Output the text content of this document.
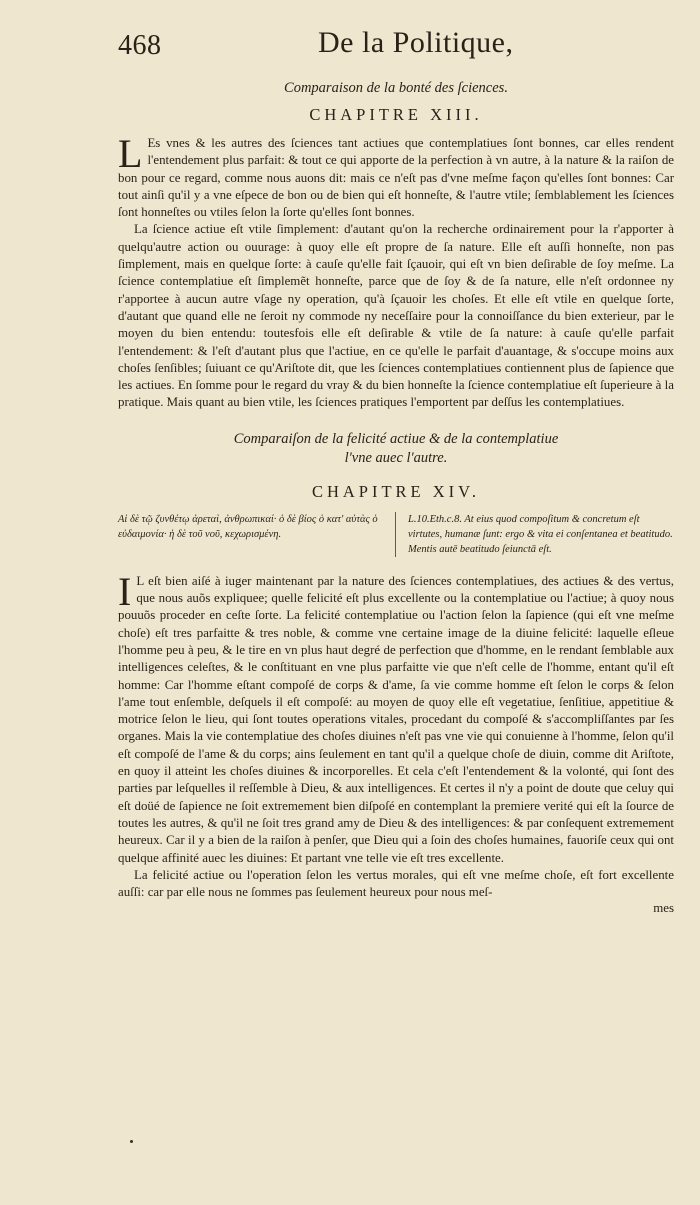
468	De la Politique,
Comparaison de la bonté des ſciences.
CHAPITRE XIII.

L Es vnes & les autres des ſciences tant actiues que contemplatiues ſont bonnes, car elles rendent l'entendement plus parfait: & tout ce qui apporte de la perfection à vn autre, à la nature & la raiſon de bon pour ce regard, comme nous auons dit: mais ce n'eſt pas d'vne meſme façon qu'elles ſont bonnes: Car tout ainſi qu'il y a vne eſpece de bon ou de bien qui eſt honneſte, & l'autre vtile; ſemblablement les ſciences ſont honneſtes ou vtiles ſelon la ſorte qu'elles ſont bonnes.

La ſcience actiue eſt vtile ſimplement: d'autant qu'on la recherche ordinairement pour la r'apporter à quelqu'autre action ou ouurage: à quoy elle eſt propre de ſa nature. Elle eſt auſſi honneſte, non pas ſimplement, mais en quelque ſorte: à cauſe qu'elle fait ſçauoir, qui eſt vn bien deſirable de ſoy meſme. La ſcience contemplatiue eſt ſimplemẽt honneſte, parce que de ſoy & de ſa nature, elle n'eſt ordonnee ny r'apportee à aucun autre vſage ny operation, qu'à ſçauoir les choſes. Et elle eſt vtile en quelque ſorte, d'autant que quand elle ne ſeroit ny commode ny neceſſaire pour la connoiſſance du bien exterieur, par le moyen du bien entendu: toutesfois elle eſt deſirable & vtile de ſa nature: à cauſe qu'elle parfait l'entendement: & l'eſt d'autant plus que l'actiue, en ce qu'elle le parfait d'auantage, & s'occupe moins aux choſes ſenſibles; ſuiuant ce qu'Ariſtote dit, que les ſciences contemplatiues contiennent plus de ſapience que les actiues. En ſomme pour le regard du vray & du bien honneſte la ſcience contemplatiue eſt ſuperieure à la pratique. Mais quant au bien vtile, les ſciences pratiques l'emportent par deſſus les contemplatiues.

Comparaiſon de la felicité actiue & de la contemplatiue
l'vne auec l'autre.
CHAPITRE XIV.
Αἱ δὲ τῷ ζυνθέτῳ ἀρεταὶ, ἀνθρωπικαί· ὁ δὲ βίος ὁ κατ' αὐτὰς ὁ εὐδαιμονία· ἡ δὲ τοῦ νοῦ, κεχωρισμένη.
L.10.Eth.c.8. At eius quod compoſitum & concretum eſt virtutes, humanæ ſunt: ergo & vita ei conſentanea et beatitudo. Mentis autē beatitudo ſeiunctā eſt.

I L eſt bien aiſé à iuger maintenant par la nature des ſciences contemplatiues, des actiues & des vertus, que nous auõs expliquee; quelle felicité eſt plus excellente ou la contemplatiue ou l'actiue; à quoy nous pouuõs proceder en ceſte ſorte. La felicité contemplatiue ou l'action ſelon la ſapience (qui eſt vne meſme choſe) eſt tres parfaitte & tres noble, & comme vne certaine image de la diuine felicité: laquelle eſleue l'homme peu à peu, & le tire en vn plus haut degré de perfection que d'homme, en le rendant ſemblable aux intelligences celeſtes, & le conſtituant en vne plus parfaitte vie que n'eſt celle de l'homme, entant qu'il eſt homme: Car l'homme eſtant compoſé de corps & d'ame, ſa vie comme homme eſt ſelon le corps & ſelon l'ame tout enſemble, deſquels il eſt compoſé: au moyen de quoy elle eſt vegetatiue, ſenſitiue, appetitiue & motrice ſelon le lieu, qui ſont toutes operations vitales, procedant du compoſé & s'accompliſſantes par ſes organes. Mais la vie contemplatiue des choſes diuines n'eſt pas vne vie qui conuienne à l'homme, ſelon qu'il eſt compoſé de l'ame & du corps; ains ſeulement en tant qu'il a quelque choſe de diuin, comme dit Ariſtote, en quoy il atteint les choſes diuines & incorporelles. Et cela c'eſt l'entendement & la volonté, qui ſont des parties par leſquelles il reſſemble à Dieu, & aux intelligences. Et certes il n'y a point de doute que celuy qui eſt doüé de ſapience ne ſoit extremement bien diſpoſé en contemplant la premiere verité qui eſt la ſource de toutes les autres, & qu'il ne ſoit tres grand amy de Dieu & des intelligences: & par conſequent extremement heureux. Car il y a bien de la raiſon à penſer, que Dieu qui a ſoin des choſes humaines, fauoriſe ceux qui ont quelque affinité auec les diuines: Et partant vne telle vie eſt tres excellente.

La felicité actiue ou l'operation ſelon les vertus morales, qui eſt vne meſme choſe, eſt fort excellente auſſi: car par elle nous ne ſommes pas ſeulement heureux pour nous meſ-

mes
